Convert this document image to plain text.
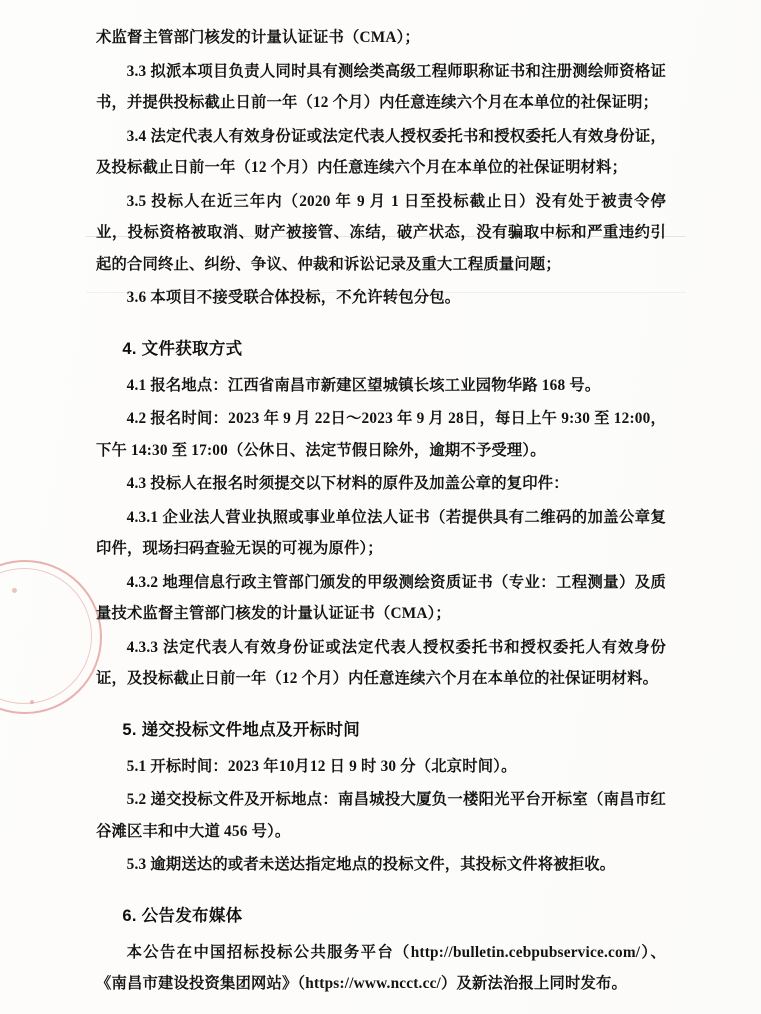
术监督主管部门核发的计量认证证书（CMA）；

3.3 拟派本项目负责人同时具有测绘类高级工程师职称证书和注册测绘师资格证书，并提供投标截止日前一年（12 个月）内任意连续六个月在本单位的社保证明；

3.4 法定代表人有效身份证或法定代表人授权委托书和授权委托人有效身份证，及投标截止日前一年（12 个月）内任意连续六个月在本单位的社保证明材料；

3.5 投标人在近三年内（2020 年 9 月 1 日至投标截止日）没有处于被责令停业，投标资格被取消、财产被接管、冻结，破产状态，没有骗取中标和严重违约引起的合同终止、纠纷、争议、仲裁和诉讼记录及重大工程质量问题；

3.6 本项目不接受联合体投标，不允许转包分包。

4. 文件获取方式

4.1 报名地点：江西省南昌市新建区望城镇长垓工业园物华路 168 号。

4.2 报名时间：2023 年 9 月 22日～2023 年 9 月 28日，每日上午 9:30 至 12:00，下午 14:30 至 17:00（公休日、法定节假日除外，逾期不予受理）。

4.3 投标人在报名时须提交以下材料的原件及加盖公章的复印件：

4.3.1 企业法人营业执照或事业单位法人证书（若提供具有二维码的加盖公章复印件，现场扫码查验无误的可视为原件）；

4.3.2 地理信息行政主管部门颁发的甲级测绘资质证书（专业：工程测量）及质量技术监督主管部门核发的计量认证证书（CMA）；

4.3.3 法定代表人有效身份证或法定代表人授权委托书和授权委托人有效身份证，及投标截止日前一年（12 个月）内任意连续六个月在本单位的社保证明材料。

5. 递交投标文件地点及开标时间

5.1 开标时间：2023 年10月12 日 9 时 30 分（北京时间）。

5.2 递交投标文件及开标地点：南昌城投大厦负一楼阳光平台开标室（南昌市红谷滩区丰和中大道 456 号）。

5.3 逾期送达的或者未送达指定地点的投标文件，其投标文件将被拒收。

6. 公告发布媒体

本公告在中国招标投标公共服务平台（http://bulletin.cebpubservice.com/）、《南昌市建设投资集团网站》（https://www.ncct.cc/）及新法治报上同时发布。
